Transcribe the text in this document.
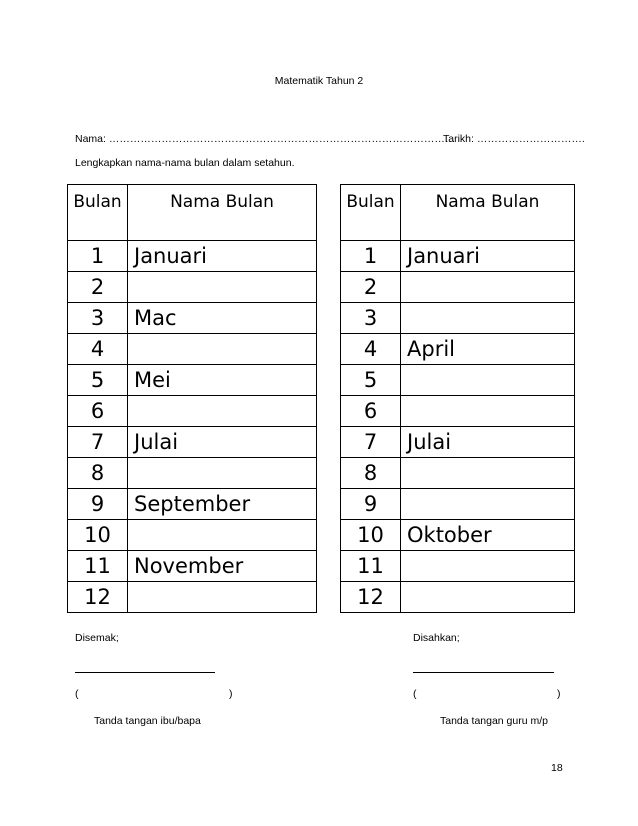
Matematik Tahun 2
Nama: ………………………………………………………………………………………
Tarikh: ………………………….
Lengkapkan nama-nama bulan dalam setahun.
Bulan	Nama Bulan
1	Januari
2	
3	Mac
4	
5	Mei
6	
7	Julai
8	
9	September
10	
11	November
12	
Bulan	Nama Bulan
1	Januari
2	
3	
4	April
5	
6	
7	Julai
8	
9	
10	Oktober
11	
12	
Disemak;
(	)
Tanda tangan ibu/bapa
Disahkan;
(	)
Tanda tangan guru m/p
18
